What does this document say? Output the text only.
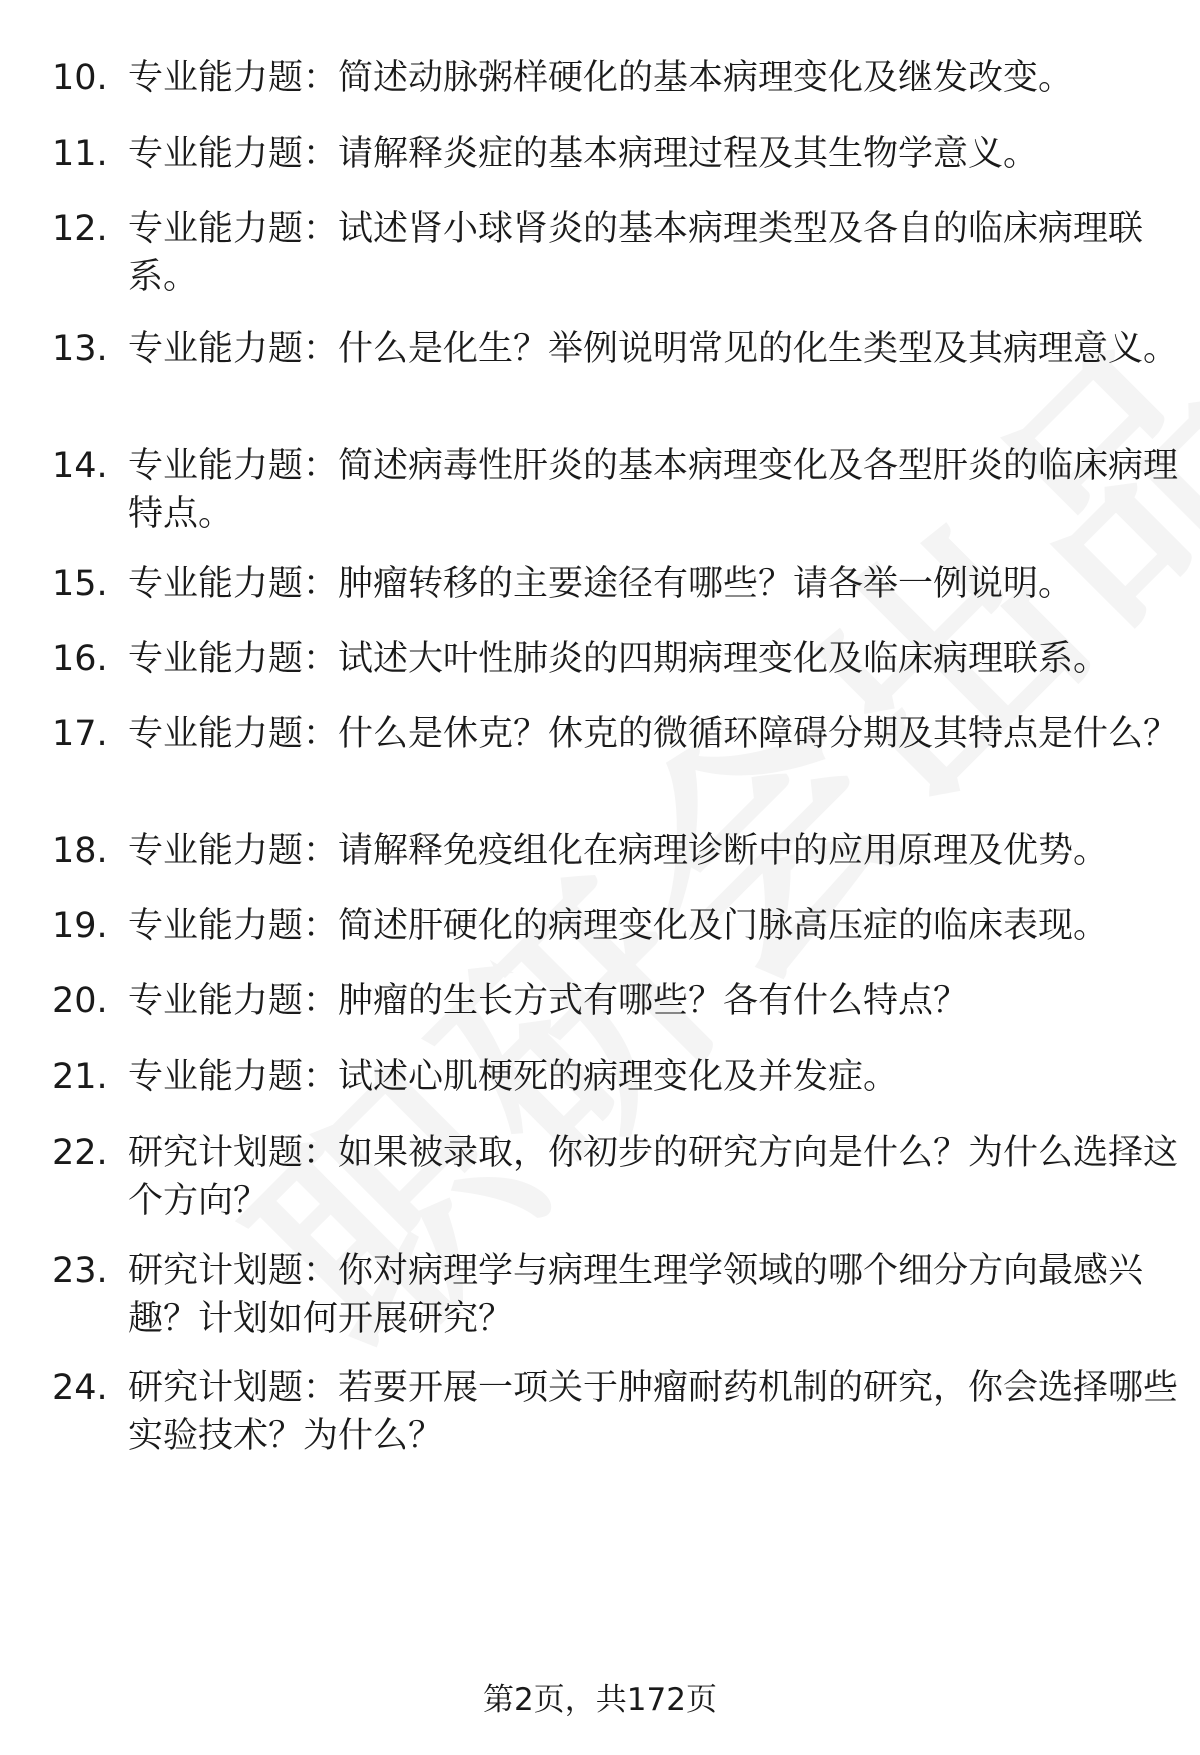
10. 专业能力题：简述动脉粥样硬化的基本病理变化及继发改变。
11. 专业能力题：请解释炎症的基本病理过程及其生物学意义。
12. 专业能力题：试述肾小球肾炎的基本病理类型及各自的临床病理联系。
13. 专业能力题：什么是化生？举例说明常见的化生类型及其病理意义。
14. 专业能力题：简述病毒性肝炎的基本病理变化及各型肝炎的临床病理特点。
15. 专业能力题：肿瘤转移的主要途径有哪些？请各举一例说明。
16. 专业能力题：试述大叶性肺炎的四期病理变化及临床病理联系。
17. 专业能力题：什么是休克？休克的微循环障碍分期及其特点是什么？
18. 专业能力题：请解释免疫组化在病理诊断中的应用原理及优势。
19. 专业能力题：简述肝硬化的病理变化及门脉高压症的临床表现。
20. 专业能力题：肿瘤的生长方式有哪些？各有什么特点？
21. 专业能力题：试述心肌梗死的病理变化及并发症。
22. 研究计划题：如果被录取，你初步的研究方向是什么？为什么选择这个方向？
23. 研究计划题：你对病理学与病理生理学领域的哪个细分方向最感兴趣？计划如何开展研究？
24. 研究计划题：若要开展一项关于肿瘤耐药机制的研究，你会选择哪些实验技术？为什么？
第2页，共172页
